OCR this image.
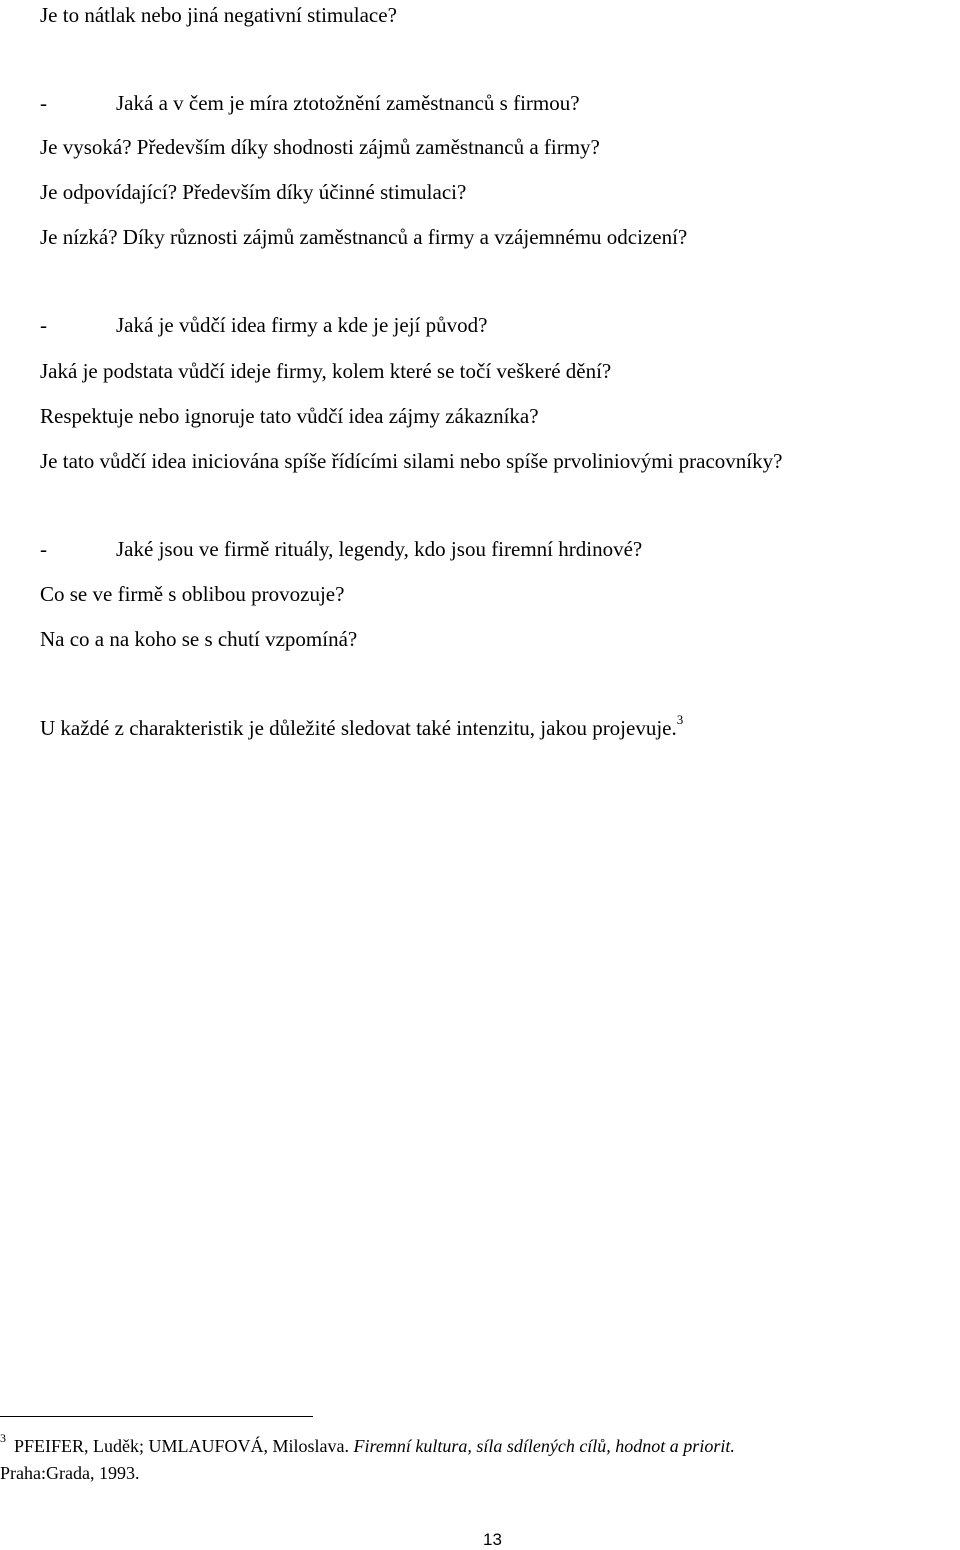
Je to nátlak nebo jiná negativní stimulace?

-	Jaká a v čem je míra ztotožnění zaměstnanců s firmou?

Je vysoká? Především díky shodnosti zájmů zaměstnanců a firmy?

Je odpovídající? Především díky účinné stimulaci?

Je nízká? Díky různosti zájmů zaměstnanců a firmy a vzájemnému odcizení?

-	Jaká je vůdčí idea firmy a kde je její původ?

Jaká je podstata vůdčí ideje firmy, kolem které se točí veškeré dění?

Respektuje nebo ignoruje tato vůdčí idea zájmy zákazníka?

Je tato vůdčí idea iniciována spíše řídícími silami nebo spíše prvoliniovými pracovníky?

-	Jaké jsou ve firmě rituály, legendy, kdo jsou firemní hrdinové?

Co se ve firmě s oblibou provozuje?

Na co a na koho se s chutí vzpomíná?

U každé z charakteristik je důležité sledovat také intenzitu, jakou projevuje.$^3$

$^3$ PFEIFER, Luděk; UMLAUFOVÁ, Miloslava. Firemní kultura, síla sdílených cílů, hodnot a priorit.

Praha:Grada, 1993.

13
